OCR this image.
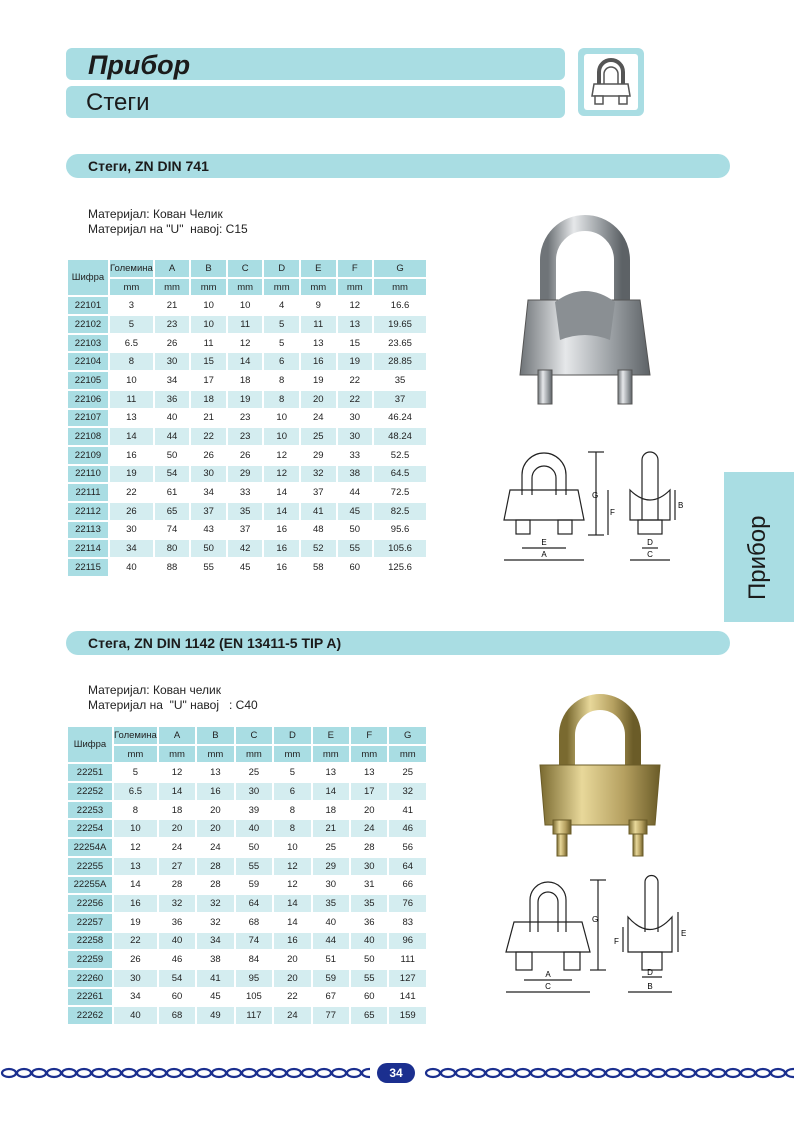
Прибор
Стеги
Прибор
Стеги, ZN DIN 741
Материјал: Кован Челик
Материјал на "U"  навој: C15
Шифра	Големина	A	B	C	D	E	F	G
	mm	mm	mm	mm	mm	mm	mm	mm
22101	3	21	10	10	4	9	12	16.6
22102	5	23	10	11	5	11	13	19.65
22103	6.5	26	11	12	5	13	15	23.65
22104	8	30	15	14	6	16	19	28.85
22105	10	34	17	18	8	19	22	35
22106	11	36	18	19	8	20	22	37
22107	13	40	21	23	10	24	30	46.24
22108	14	44	22	23	10	25	30	48.24
22109	16	50	26	26	12	29	33	52.5
22110	19	54	30	29	12	32	38	64.5
22111	22	61	34	33	14	37	44	72.5
22112	26	65	37	35	14	41	45	82.5
22113	30	74	43	37	16	48	50	95.6
22114	34	80	50	42	16	52	55	105.6
22115	40	88	55	45	16	58	60	125.6
A
E
G
F
C
D
B
Стега, ZN DIN 1142 (EN 13411-5 TIP A)
Материјал: Кован челик
Материјал на  "U" навој   : C40
Шифра	Големина	A	B	C	D	E	F	G
	mm	mm	mm	mm	mm	mm	mm	mm
22251	5	12	13	25	5	13	13	25
22252	6.5	14	16	30	6	14	17	32
22253	8	18	20	39	8	18	20	41
22254	10	20	20	40	8	21	24	46
22254A	12	24	24	50	10	25	28	56
22255	13	27	28	55	12	29	30	64
22255A	14	28	28	59	12	30	31	66
22256	16	32	32	64	14	35	35	76
22257	19	36	32	68	14	40	36	83
22258	22	40	34	74	16	44	40	96
22259	26	46	38	84	20	51	50	111
22260	30	54	41	95	20	59	55	127
22261	34	60	45	105	22	67	60	141
22262	40	68	49	117	24	77	65	159
C
A
G
B
D
E
F
34
